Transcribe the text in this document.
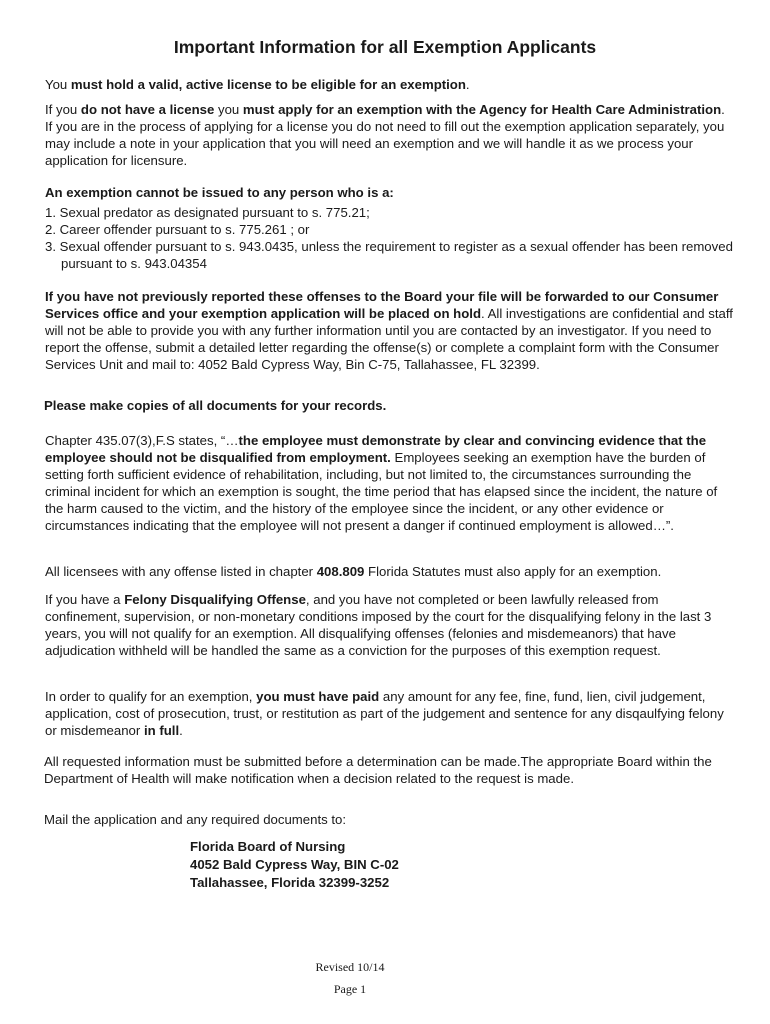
Important Information for all Exemption Applicants

You must hold a valid, active license to be eligible for an exemption.

If you do not have a license you must apply for an exemption with the Agency for Health Care Administration. If you are in the process of applying for a license you do not need to fill out the exemption application separately, you may include a note in your application that you will need an exemption and we will handle it as we process your application for licensure.

An exemption cannot be issued to any person who is a:

1. Sexual predator as designated pursuant to s. 775.21;
2. Career offender pursuant to s. 775.261 ; or
3. Sexual offender pursuant to s. 943.0435, unless the requirement to register as a sexual offender has been removed pursuant to s. 943.04354

If you have not previously reported these offenses to the Board your file will be forwarded to our Consumer Services office and your exemption application will be placed on hold. All investigations are confidential and staff will not be able to provide you with any further information until you are contacted by an investigator. If you need to report the offense, submit a detailed letter regarding the offense(s) or complete a complaint form with the Consumer Services Unit and mail to: 4052 Bald Cypress Way, Bin C-75, Tallahassee, FL 32399.

Please make copies of all documents for your records.

Chapter 435.07(3),F.S states, “…the employee must demonstrate by clear and convincing evidence that the employee should not be disqualified from employment. Employees seeking an exemption have the burden of setting forth sufficient evidence of rehabilitation, including, but not limited to, the circumstances surrounding the criminal incident for which an exemption is sought, the time period that has elapsed since the incident, the nature of the harm caused to the victim, and the history of the employee since the incident, or any other evidence or circumstances indicating that the employee will not present a danger if continued employment is allowed…”.

All licensees with any offense listed in chapter 408.809 Florida Statutes must also apply for an exemption.

If you have a Felony Disqualifying Offense, and you have not completed or been lawfully released from confinement, supervision, or non-monetary conditions imposed by the court for the disqualifying felony in the last 3 years, you will not qualify for an exemption. All disqualifying offenses (felonies and misdemeanors) that have adjudication withheld will be handled the same as a conviction for the purposes of this exemption request.

In order to qualify for an exemption, you must have paid any amount for any fee, fine, fund, lien, civil judgement, application, cost of prosecution, trust, or restitution as part of the judgement and sentence for any disqaulfying felony or misdemeanor in full.

All requested information must be submitted before a determination can be made.The appropriate Board within the Department of Health will make notification when a decision related to the request is made.

Mail the application and any required documents to:

Florida Board of Nursing
4052 Bald Cypress Way, BIN C-02
Tallahassee, Florida 32399-3252
Revised 10/14
Page 1
